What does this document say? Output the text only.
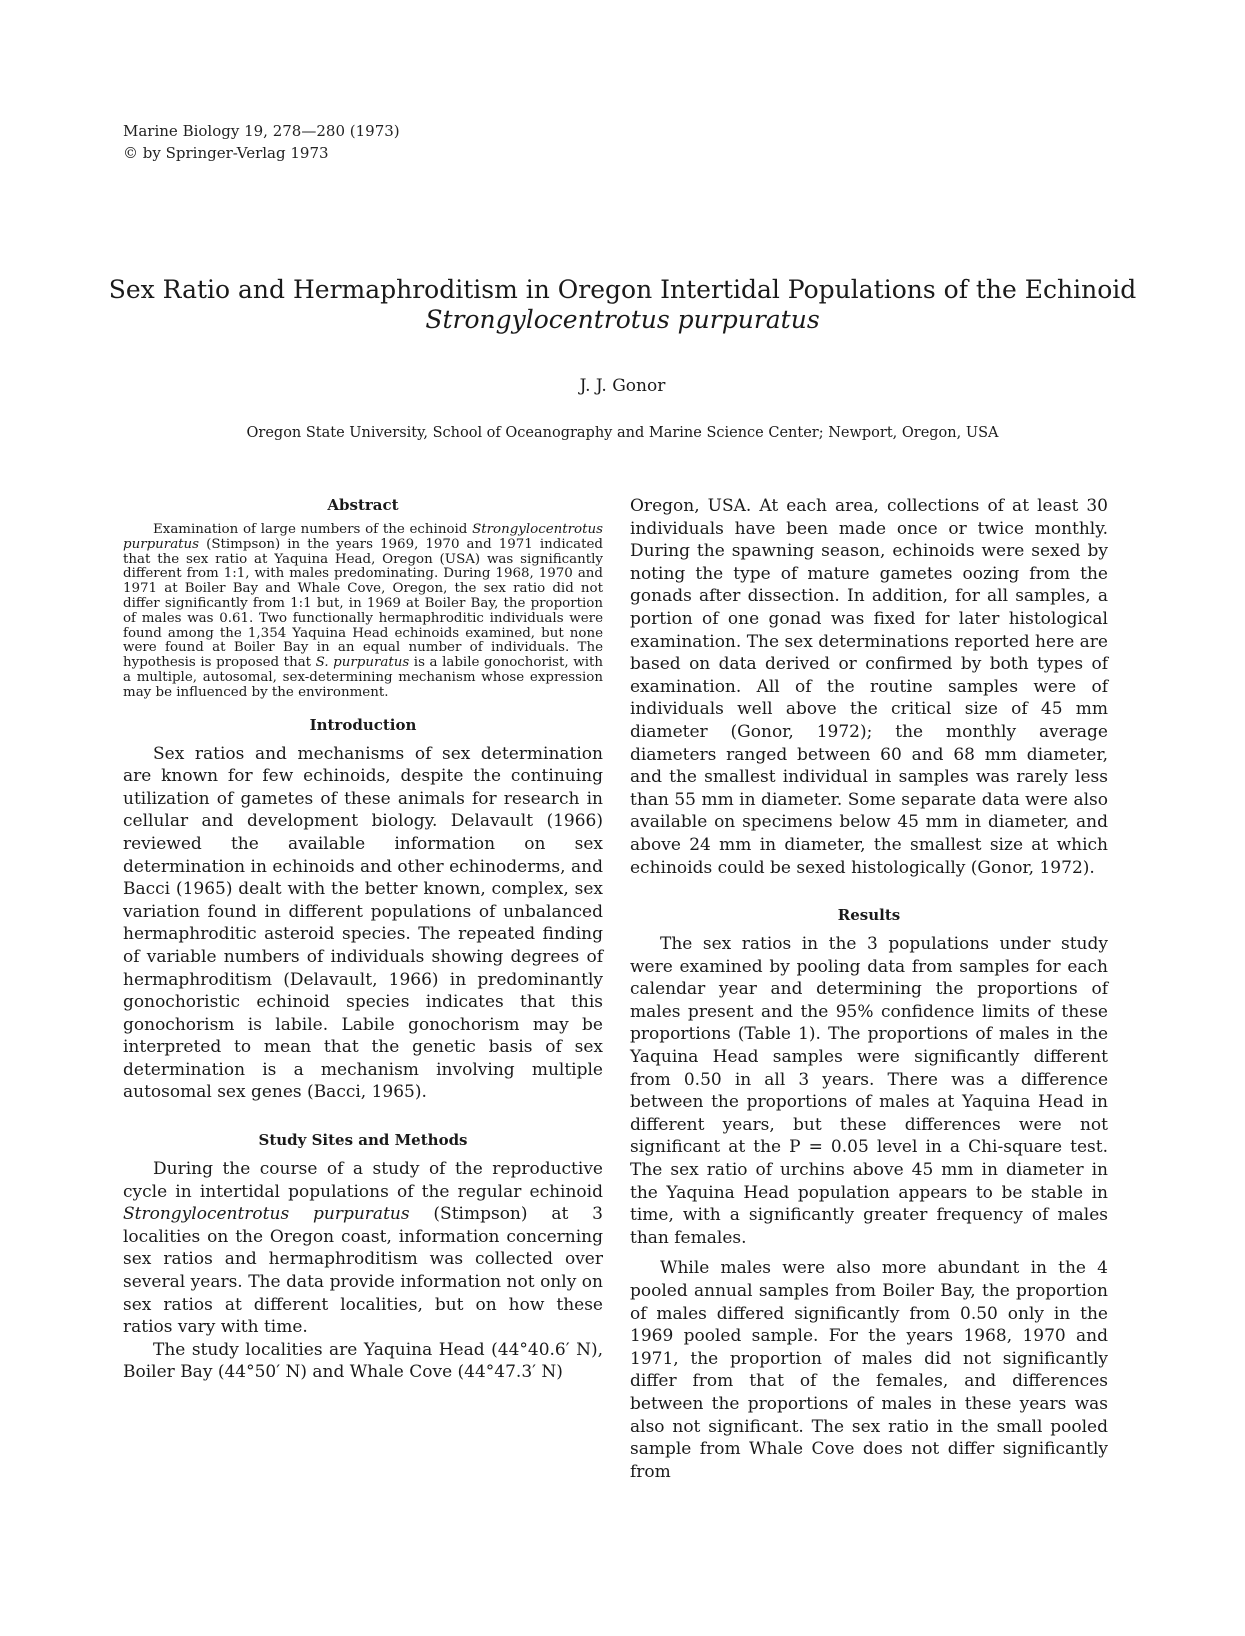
Marine Biology 19, 278—280 (1973)
© by Springer-Verlag 1973
Sex Ratio and Hermaphroditism in Oregon Intertidal Populations of the Echinoid
Strongylocentrotus purpuratus
J. J. Gonor
Oregon State University, School of Oceanography and Marine Science Center; Newport, Oregon, USA
Abstract

Examination of large numbers of the echinoid Strongylocentrotus purpuratus (Stimpson) in the years 1969, 1970 and 1971 indicated that the sex ratio at Yaquina Head, Oregon (USA) was significantly different from 1:1, with males predominating. During 1968, 1970 and 1971 at Boiler Bay and Whale Cove, Oregon, the sex ratio did not differ significantly from 1:1 but, in 1969 at Boiler Bay, the proportion of males was 0.61. Two functionally hermaphroditic individuals were found among the 1,354 Yaquina Head echinoids examined, but none were found at Boiler Bay in an equal number of individuals. The hypothesis is proposed that S. purpuratus is a labile gonochorist, with a multiple, autosomal, sex-determining mechanism whose expression may be influenced by the environment.

Introduction

Sex ratios and mechanisms of sex determination are known for few echinoids, despite the continuing utilization of gametes of these animals for research in cellular and development biology. Delavault (1966) reviewed the available information on sex determination in echinoids and other echinoderms, and Bacci (1965) dealt with the better known, complex, sex variation found in different populations of unbalanced hermaphroditic asteroid species. The repeated finding of variable numbers of individuals showing degrees of hermaphroditism (Delavault, 1966) in predominantly gonochoristic echinoid species indicates that this gonochorism is labile. Labile gonochorism may be interpreted to mean that the genetic basis of sex determination is a mechanism involving multiple autosomal sex genes (Bacci, 1965).

Study Sites and Methods

During the course of a study of the reproductive cycle in intertidal populations of the regular echinoid Strongylocentrotus purpuratus (Stimpson) at 3 localities on the Oregon coast, information concerning sex ratios and hermaphroditism was collected over several years. The data provide information not only on sex ratios at different localities, but on how these ratios vary with time.

The study localities are Yaquina Head (44°40.6′ N), Boiler Bay (44°50′ N) and Whale Cove (44°47.3′ N)

Oregon, USA. At each area, collections of at least 30 individuals have been made once or twice monthly. During the spawning season, echinoids were sexed by noting the type of mature gametes oozing from the gonads after dissection. In addition, for all samples, a portion of one gonad was fixed for later histological examination. The sex determinations reported here are based on data derived or confirmed by both types of examination. All of the routine samples were of individuals well above the critical size of 45 mm diameter (Gonor, 1972); the monthly average diameters ranged between 60 and 68 mm diameter, and the smallest individual in samples was rarely less than 55 mm in diameter. Some separate data were also available on specimens below 45 mm in diameter, and above 24 mm in diameter, the smallest size at which echinoids could be sexed histologically (Gonor, 1972).

Results

The sex ratios in the 3 populations under study were examined by pooling data from samples for each calendar year and determining the proportions of males present and the 95% confidence limits of these proportions (Table 1). The proportions of males in the Yaquina Head samples were significantly different from 0.50 in all 3 years. There was a difference between the proportions of males at Yaquina Head in different years, but these differences were not significant at the P = 0.05 level in a Chi-square test. The sex ratio of urchins above 45 mm in diameter in the Yaquina Head population appears to be stable in time, with a significantly greater frequency of males than females.

While males were also more abundant in the 4 pooled annual samples from Boiler Bay, the proportion of males differed significantly from 0.50 only in the 1969 pooled sample. For the years 1968, 1970 and 1971, the proportion of males did not significantly differ from that of the females, and differences between the proportions of males in these years was also not significant. The sex ratio in the small pooled sample from Whale Cove does not differ significantly from
